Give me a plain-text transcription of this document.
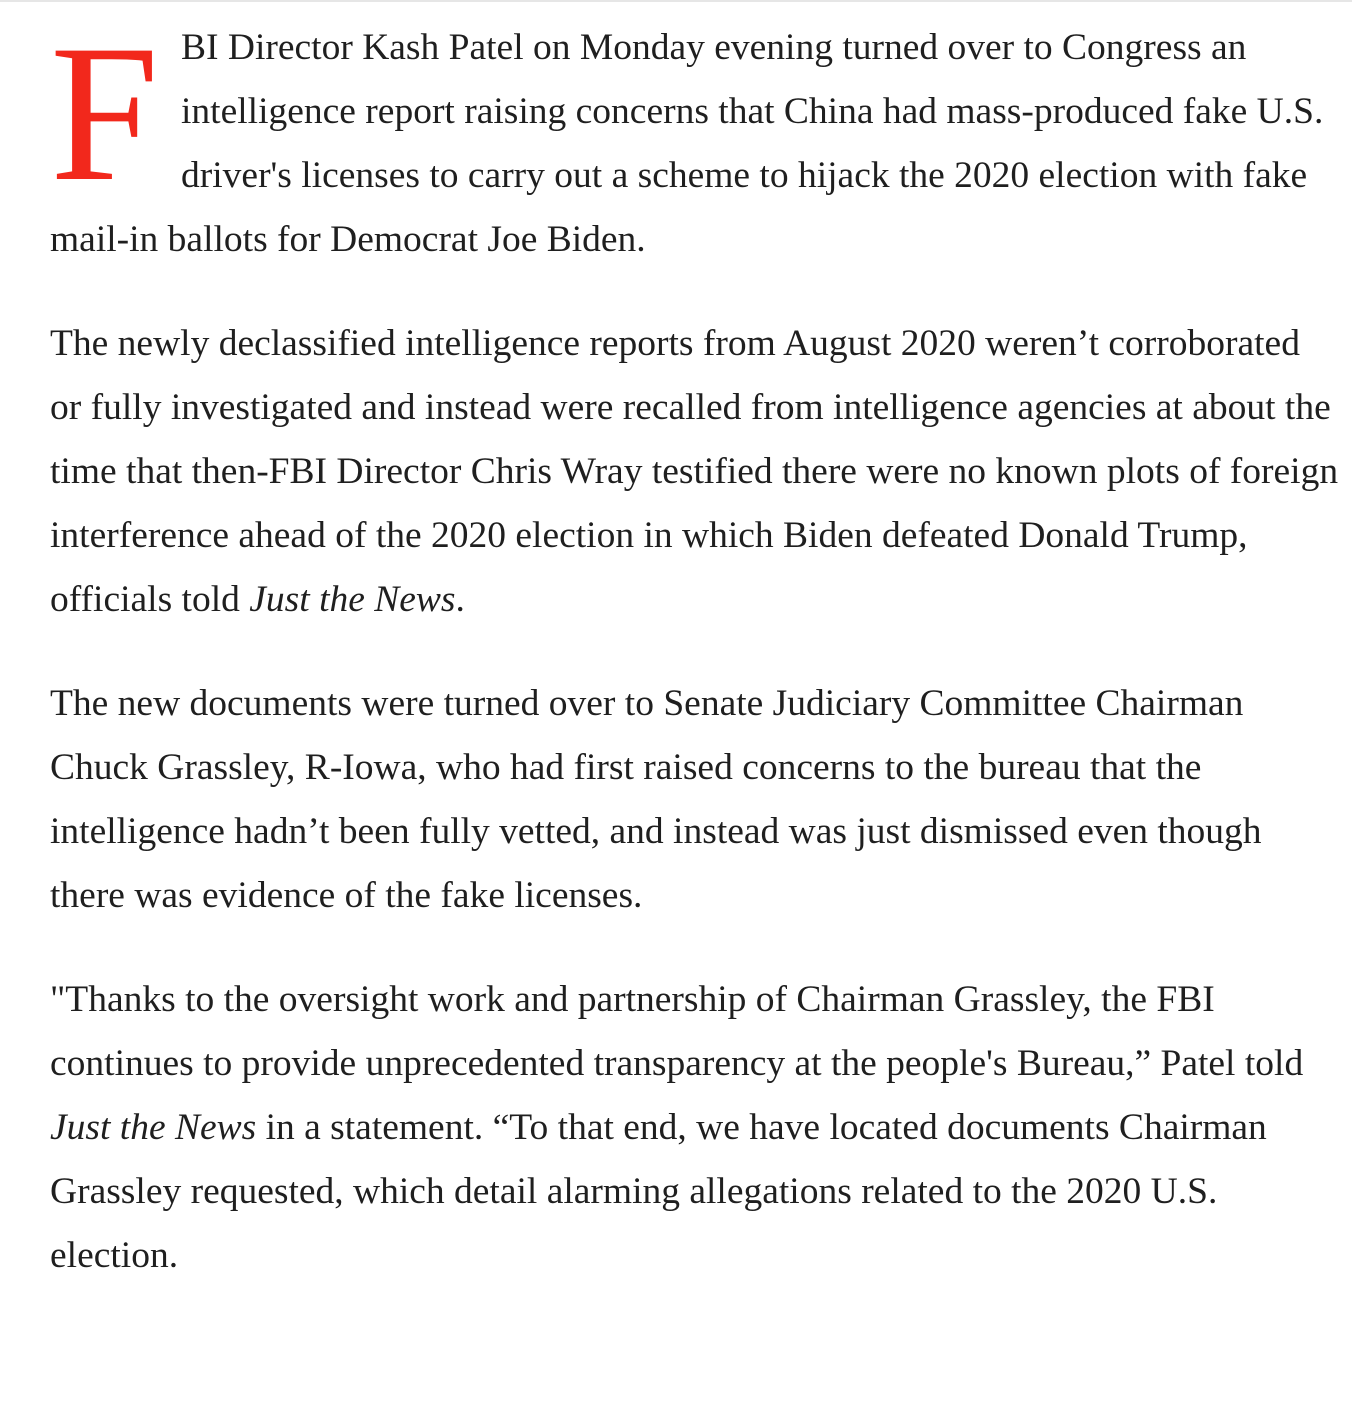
FBI Director Kash Patel on Monday evening turned over to Congress an intelligence report raising concerns that China had mass-produced fake U.S. driver's licenses to carry out a scheme to hijack the 2020 election with fake mail-in ballots for Democrat Joe Biden.

The newly declassified intelligence reports from August 2020 weren’t corroborated or fully investigated and instead were recalled from intelligence agencies at about the time that then-FBI Director Chris Wray testified there were no known plots of foreign interference ahead of the 2020 election in which Biden defeated Donald Trump, officials told Just the News.

The new documents were turned over to Senate Judiciary Committee Chairman Chuck Grassley, R-Iowa, who had first raised concerns to the bureau that the intelligence hadn’t been fully vetted, and instead was just dismissed even though there was evidence of the fake licenses.

"Thanks to the oversight work and partnership of Chairman Grassley, the FBI continues to provide unprecedented transparency at the people's Bureau,” Patel told Just the News in a statement. “To that end, we have located documents Chairman Grassley requested, which detail alarming allegations related to the 2020 U.S. election.
